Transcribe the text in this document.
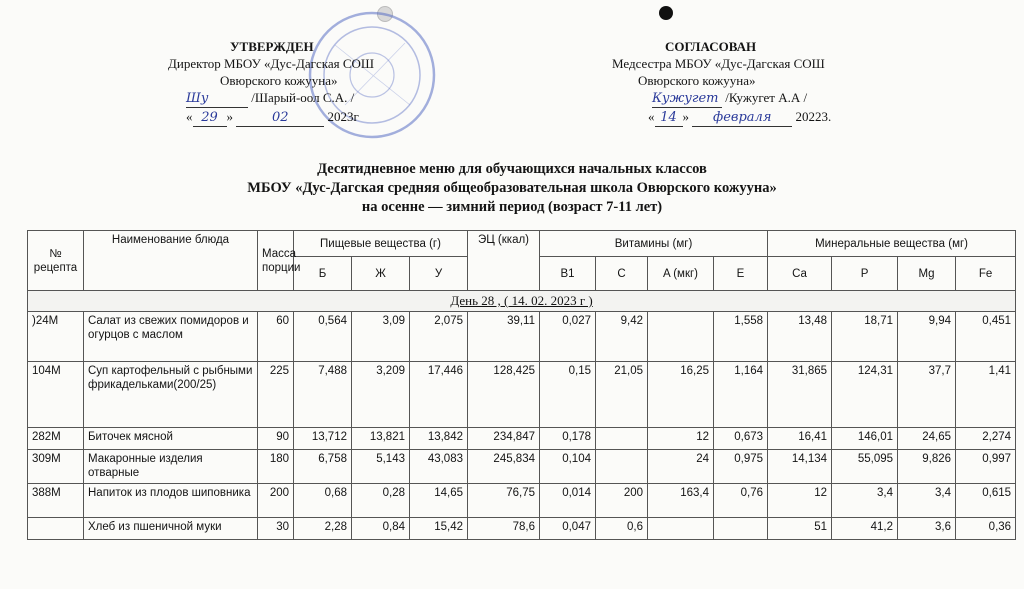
УТВЕРЖДЕН
Директор МБОУ «Дус-Дагская СОШ
Овюрского кожууна»
Шy	/Шарый-оол С.А. /
« 29 »	02	2023г
СОГЛАСОВАН
Медсестра МБОУ «Дус-Дагская СОШ
Овюрского кожууна»
Кужугет /Кужугет А.А /
« 14 » февраля 20223.
Десятидневное меню для обучающихся начальных классов
МБОУ «Дус-Дагская средняя общеобразовательная школа Овюрского кожууна»
на осенне — зимний период (возраст 7-11 лет)
№ рецепта	Наименование блюда	Масса порции	Пищевые вещества (г)			ЭЦ (ккал)	Витамины (мг)				Минеральные вещества (мг)			
			Б	Ж	У		B1	C	A (мкг)	E	Ca	P	Mg	Fe
День 28 , ( 14. 02. 2023 г )														
)24M	Салат из свежих помидоров и огурцов с маслом	60	0,564	3,09	2,075	39,11	0,027	9,42		1,558	13,48	18,71	9,94	0,451
104M	Суп картофельный с рыбными фрикадельками(200/25)	225	7,488	3,209	17,446	128,425	0,15	21,05	16,25	1,164	31,865	124,31	37,7	1,41
282M	Биточек мясной	90	13,712	13,821	13,842	234,847	0,178		12	0,673	16,41	146,01	24,65	2,274
309M	Макаронные изделия отварные	180	6,758	5,143	43,083	245,834	0,104		24	0,975	14,134	55,095	9,826	0,997
388M	Напиток из плодов шиповника	200	0,68	0,28	14,65	76,75	0,014	200	163,4	0,76	12	3,4	3,4	0,615
	Хлеб из пшеничной муки	30	2,28	0,84	15,42	78,6	0,047	0,6			51	41,2	3,6	0,36
